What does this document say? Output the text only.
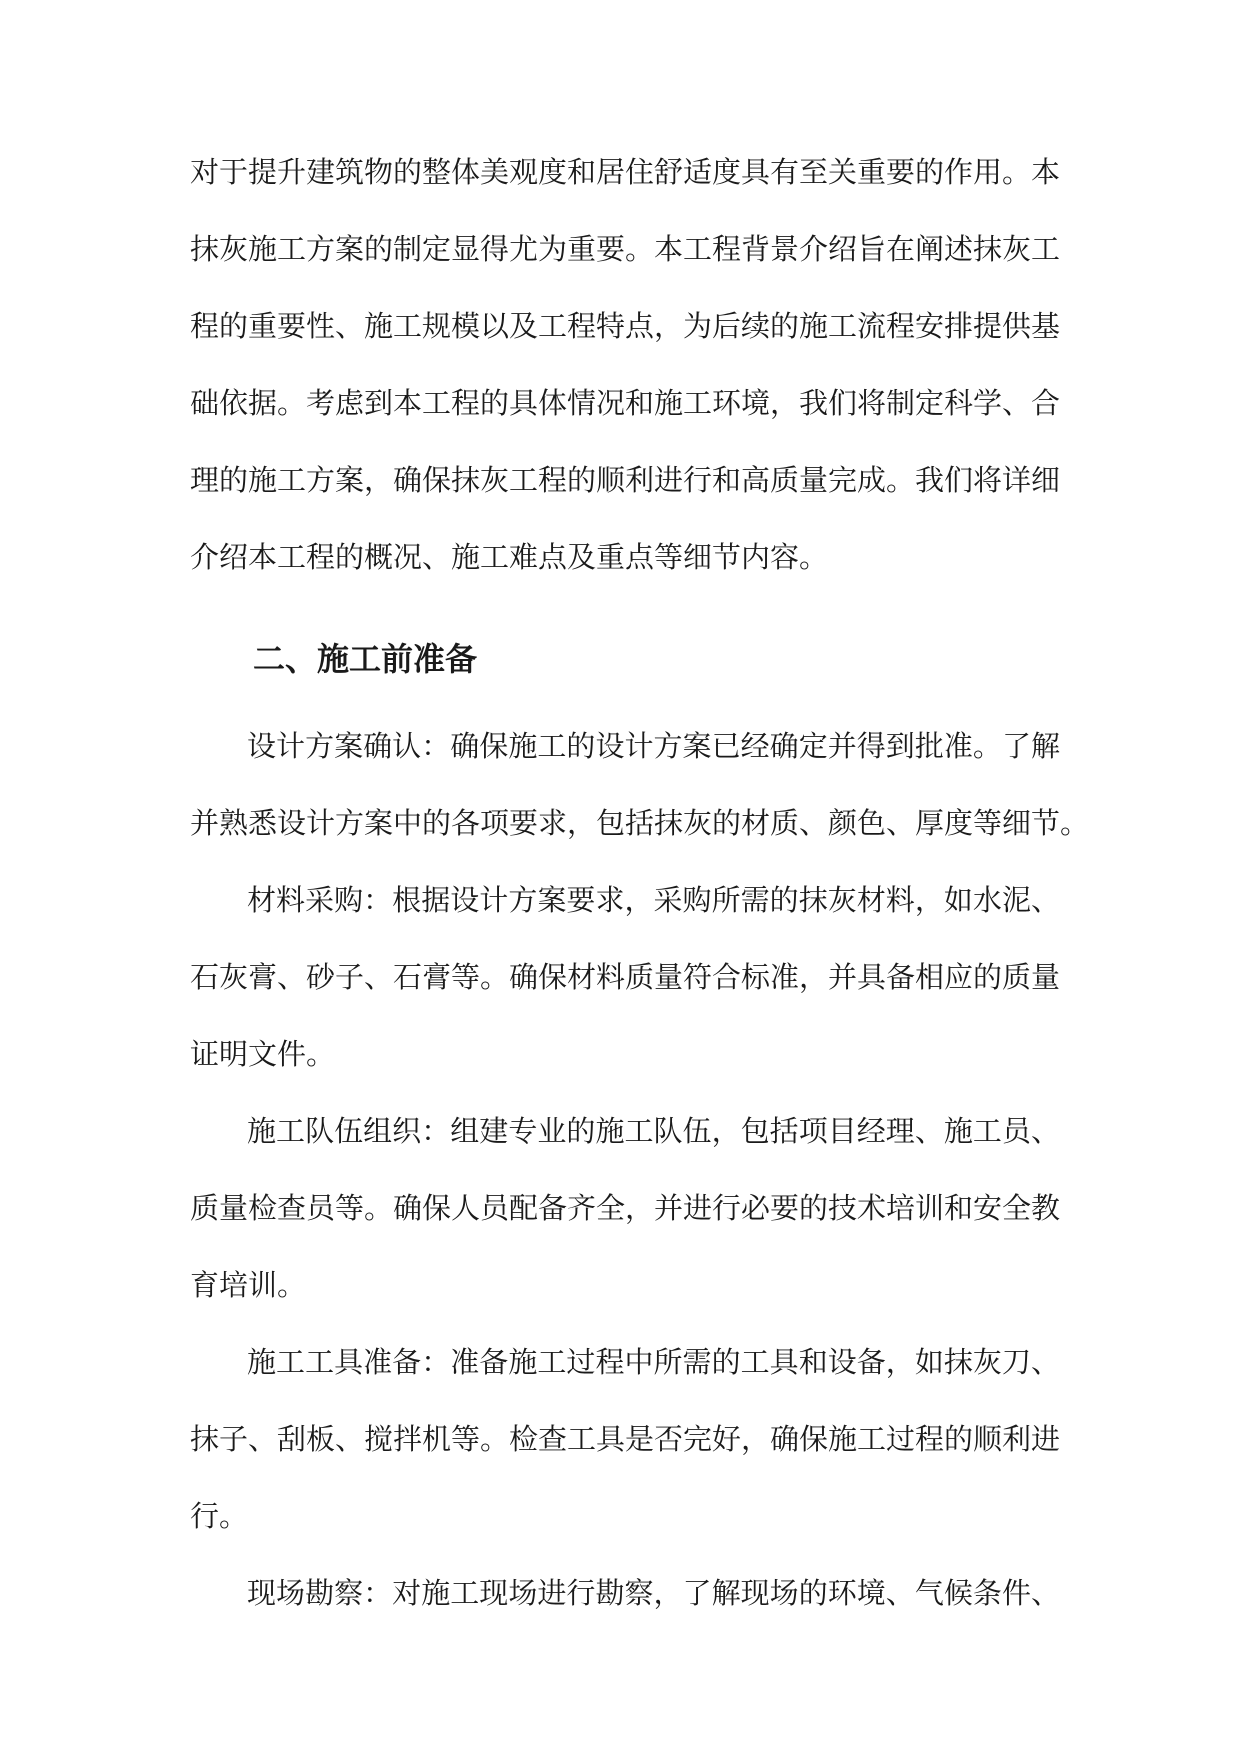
对于提升建筑物的整体美观度和居住舒适度具有至关重要的作用。本
抹灰施工方案的制定显得尤为重要。本工程背景介绍旨在阐述抹灰工
程的重要性、施工规模以及工程特点，为后续的施工流程安排提供基
础依据。考虑到本工程的具体情况和施工环境，我们将制定科学、合
理的施工方案，确保抹灰工程的顺利进行和高质量完成。我们将详细
介绍本工程的概况、施工难点及重点等细节内容。
二、施工前准备
设计方案确认：确保施工的设计方案已经确定并得到批准。了解
并熟悉设计方案中的各项要求，包括抹灰的材质、颜色、厚度等细节。
材料采购：根据设计方案要求，采购所需的抹灰材料，如水泥、
石灰膏、砂子、石膏等。确保材料质量符合标准，并具备相应的质量
证明文件。
施工队伍组织：组建专业的施工队伍，包括项目经理、施工员、
质量检查员等。确保人员配备齐全，并进行必要的技术培训和安全教
育培训。
施工工具准备：准备施工过程中所需的工具和设备，如抹灰刀、
抹子、刮板、搅拌机等。检查工具是否完好，确保施工过程的顺利进
行。
现场勘察：对施工现场进行勘察，了解现场的环境、气候条件、
